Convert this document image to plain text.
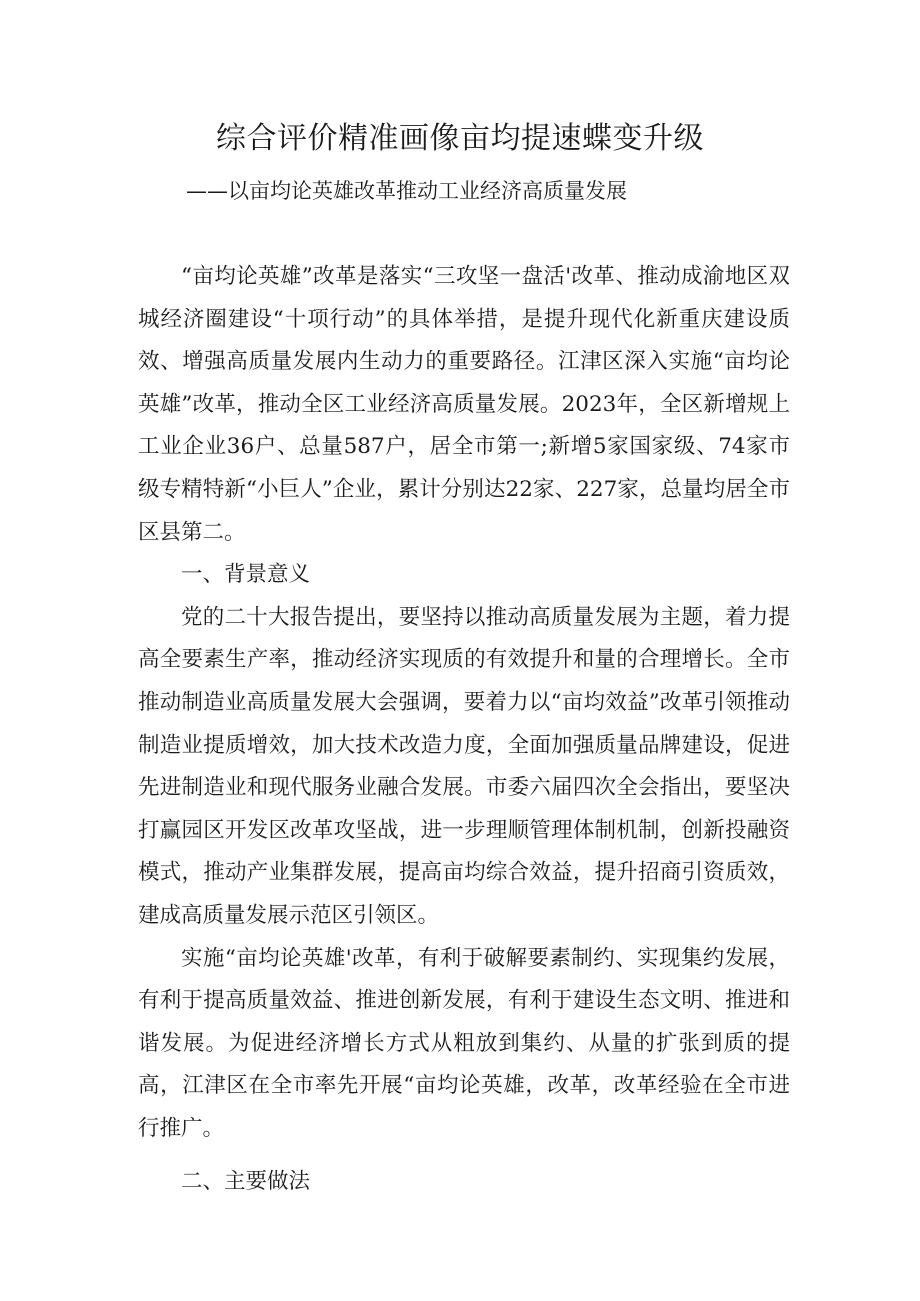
综合评价精准画像亩均提速蝶变升级
——以亩均论英雄改革推动工业经济高质量发展

“亩均论英雄”改革是落实“三攻坚一盘活'改革、推动成渝地区双城经济圈建设“十项行动”的具体举措，是提升现代化新重庆建设质效、增强高质量发展内生动力的重要路径。江津区深入实施“亩均论英雄”改革，推动全区工业经济高质量发展。2023年，全区新增规上工业企业36户、总量587户，居全市第一;新增5家国家级、74家市级专精特新“小巨人”企业，累计分别达22家、227家，总量均居全市区县第二。

一、背景意义

党的二十大报告提出，要坚持以推动高质量发展为主题，着力提高全要素生产率，推动经济实现质的有效提升和量的合理增长。全市推动制造业高质量发展大会强调，要着力以“亩均效益”改革引领推动制造业提质增效，加大技术改造力度，全面加强质量品牌建设，促进先进制造业和现代服务业融合发展。市委六届四次全会指出，要坚决打赢园区开发区改革攻坚战，进一步理顺管理体制机制，创新投融资模式，推动产业集群发展，提高亩均综合效益，提升招商引资质效，建成高质量发展示范区引领区。

实施“亩均论英雄'改革，有利于破解要素制约、实现集约发展，有利于提高质量效益、推进创新发展，有利于建设生态文明、推进和谐发展。为促进经济增长方式从粗放到集约、从量的扩张到质的提高，江津区在全市率先开展“亩均论英雄，改革，改革经验在全市进行推广。

二、主要做法
